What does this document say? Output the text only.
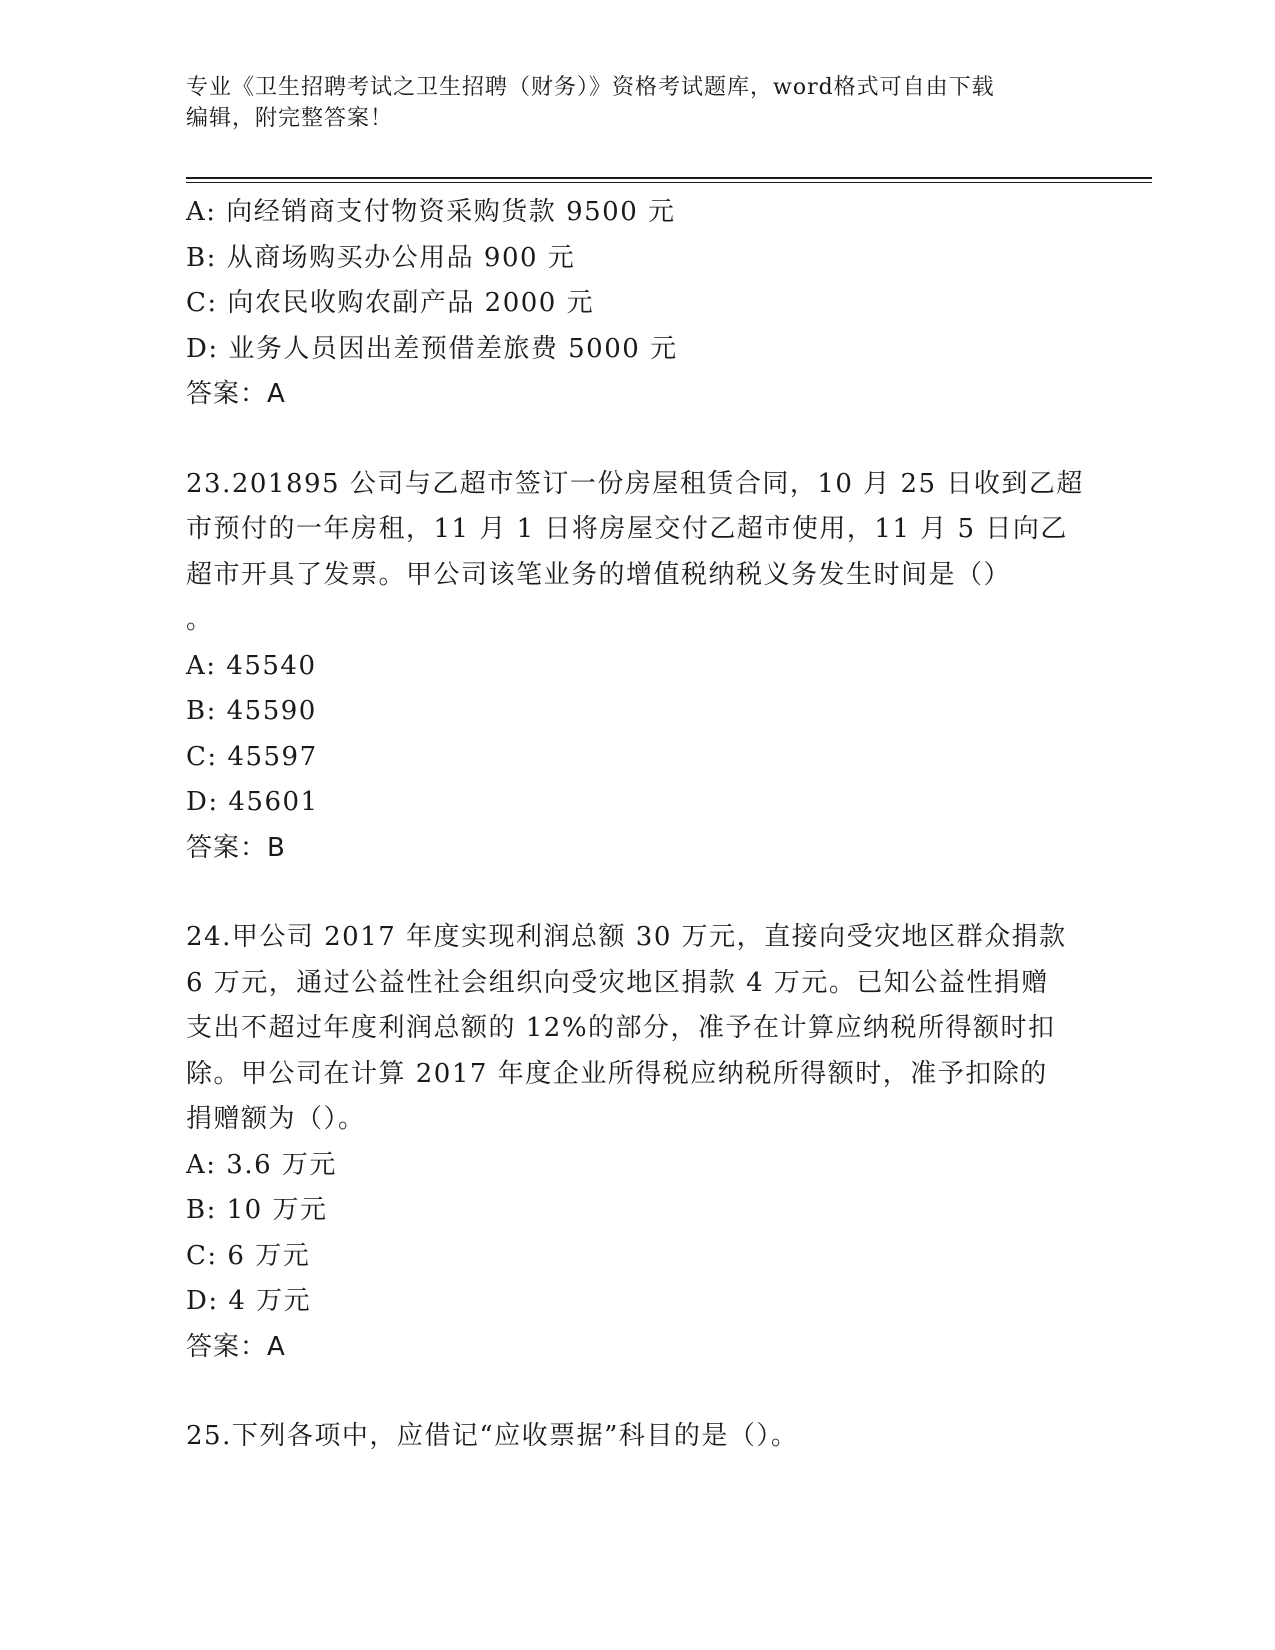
专业《卫生招聘考试之卫生招聘（财务）》资格考试题库，word格式可自由下载
编辑，附完整答案！
A: 向经销商支付物资采购货款 9500 元
B: 从商场购买办公用品 900 元
C: 向农民收购农副产品 2000 元
D: 业务人员因出差预借差旅费 5000 元
答案：A
23.201895 公司与乙超市签订一份房屋租赁合同，10 月 25 日收到乙超
市预付的一年房租，11 月 1 日将房屋交付乙超市使用，11 月 5 日向乙
超市开具了发票。甲公司该笔业务的增值税纳税义务发生时间是（）
。
A: 45540
B: 45590
C: 45597
D: 45601
答案：B
24.甲公司 2017 年度实现利润总额 30 万元，直接向受灾地区群众捐款
6 万元，通过公益性社会组织向受灾地区捐款 4 万元。已知公益性捐赠
支出不超过年度利润总额的 12%的部分，准予在计算应纳税所得额时扣
除。甲公司在计算 2017 年度企业所得税应纳税所得额时，准予扣除的
捐赠额为（）。
A: 3.6 万元
B: 10 万元
C: 6 万元
D: 4 万元
答案：A
25.下列各项中，应借记“应收票据”科目的是（）。
